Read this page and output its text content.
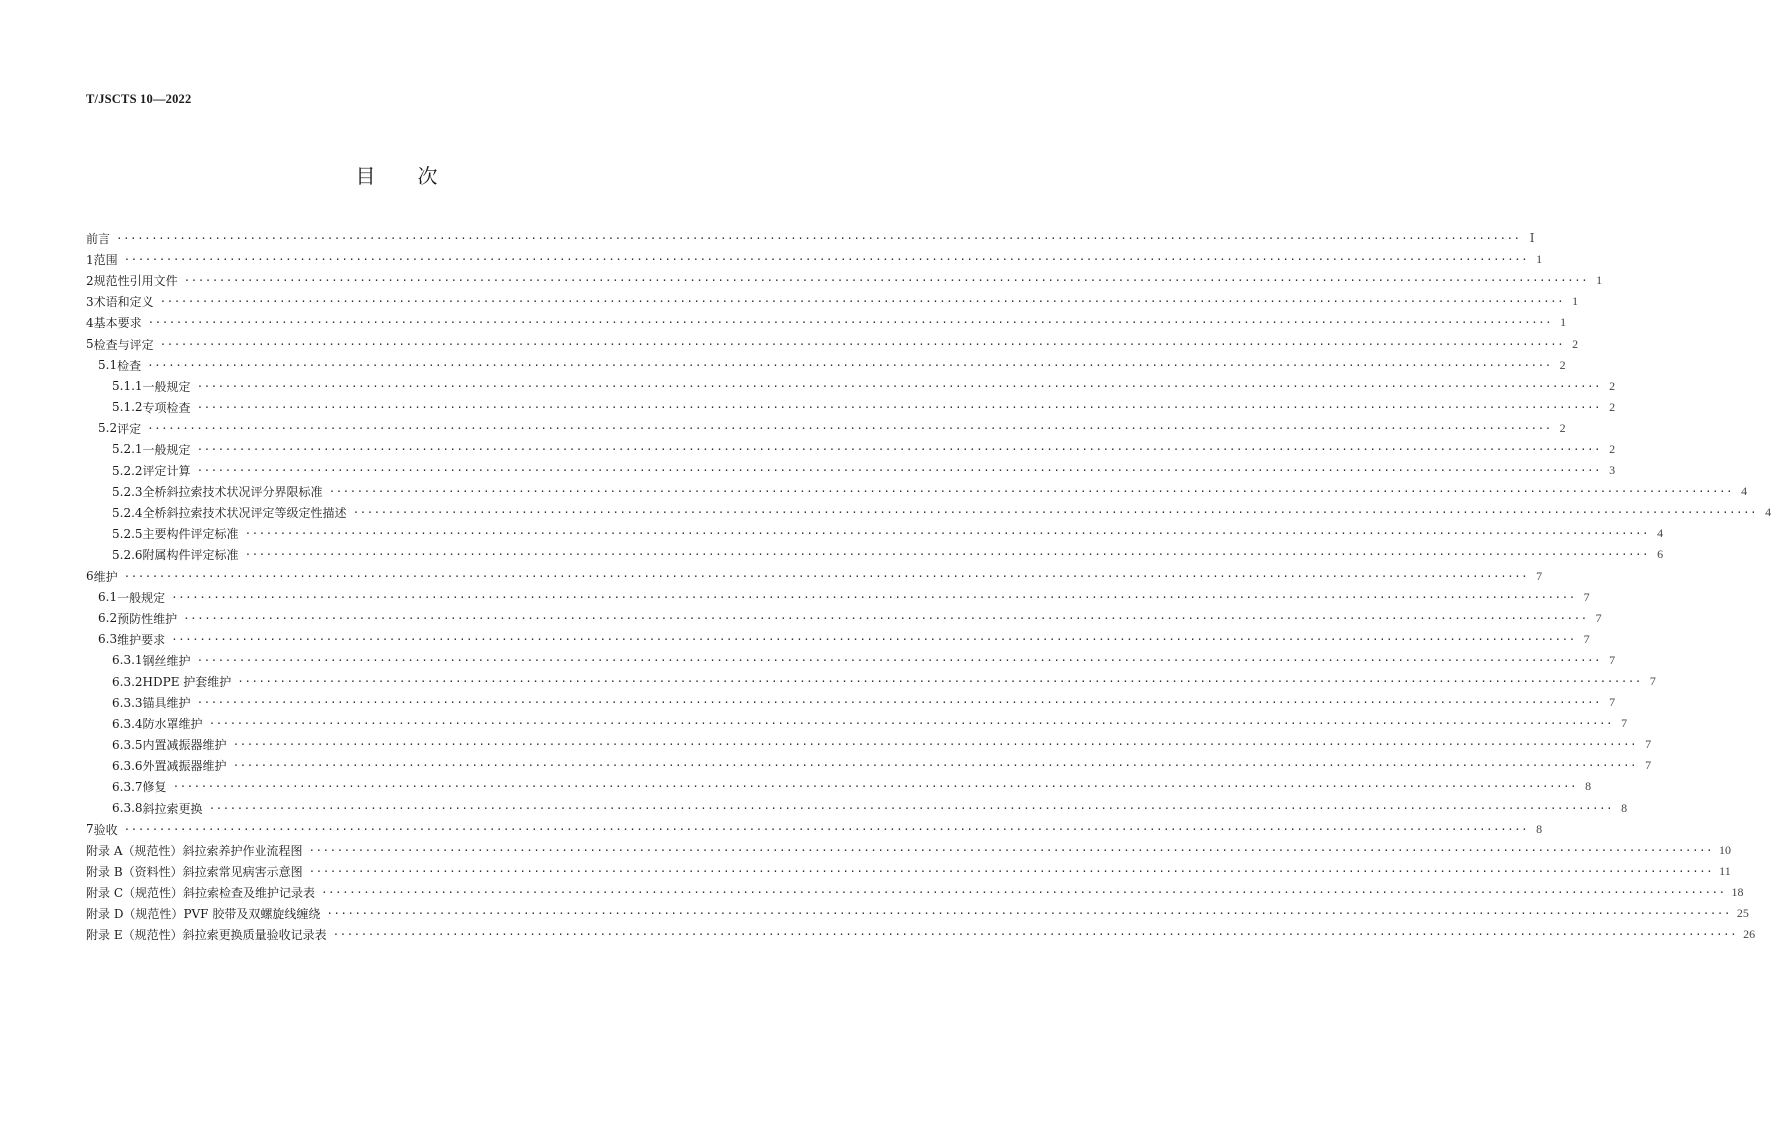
T/JSCTS 10—2022
目 次
前言 ········································································································································································································ Ⅰ
1 范围 ········································································································································································································ 1
2 规范性引用文件 ········································································································································································································ 1
3 术语和定义 ········································································································································································································ 1
4 基本要求 ········································································································································································································ 1
5 检查与评定 ········································································································································································································ 2
5.1 检查 ········································································································································································································ 2
5.1.1 一般规定 ········································································································································································································ 2
5.1.2 专项检查 ········································································································································································································ 2
5.2 评定 ········································································································································································································ 2
5.2.1 一般规定 ········································································································································································································ 2
5.2.2 评定计算 ········································································································································································································ 3
5.2.3 全桥斜拉索技术状况评分界限标准 ········································································································································································································ 4
5.2.4 全桥斜拉索技术状况评定等级定性描述 ········································································································································································································ 4
5.2.5 主要构件评定标准 ········································································································································································································ 4
5.2.6 附属构件评定标准 ········································································································································································································ 6
6 维护 ········································································································································································································ 7
6.1 一般规定 ········································································································································································································ 7
6.2 预防性维护 ········································································································································································································ 7
6.3 维护要求 ········································································································································································································ 7
6.3.1 钢丝维护 ········································································································································································································ 7
6.3.2 HDPE 护套维护 ········································································································································································································ 7
6.3.3 锚具维护 ········································································································································································································ 7
6.3.4 防水罩维护 ········································································································································································································ 7
6.3.5 内置减振器维护 ········································································································································································································ 7
6.3.6 外置减振器维护 ········································································································································································································ 7
6.3.7 修复 ········································································································································································································ 8
6.3.8 斜拉索更换 ········································································································································································································ 8
7 验收 ········································································································································································································ 8
附录 A（规范性） 斜拉索养护作业流程图 ········································································································································································································ 10
附录 B（资料性） 斜拉索常见病害示意图 ········································································································································································································ 11
附录 C（规范性） 斜拉索检查及维护记录表 ········································································································································································································ 18
附录 D（规范性） PVF 胶带及双螺旋线缠绕 ········································································································································································································ 25
附录 E（规范性） 斜拉索更换质量验收记录表 ········································································································································································································ 26
